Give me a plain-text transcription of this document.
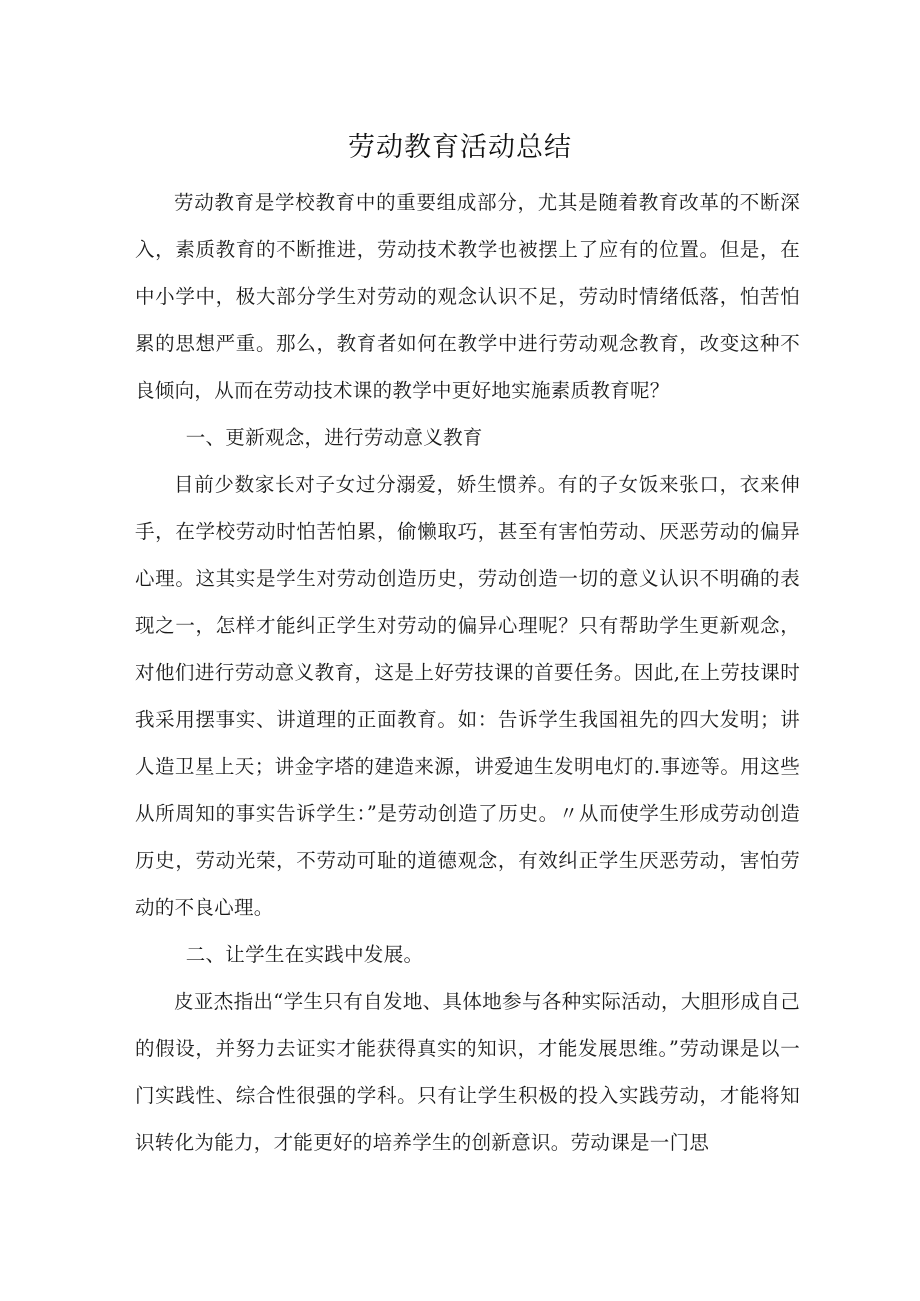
劳动教育活动总结

劳动教育是学校教育中的重要组成部分，尤其是随着教育改革的不断深入，素质教育的不断推进，劳动技术教学也被摆上了应有的位置。但是，在中小学中，极大部分学生对劳动的观念认识不足，劳动时情绪低落，怕苦怕累的思想严重。那么，教育者如何在教学中进行劳动观念教育，改变这种不良倾向，从而在劳动技术课的教学中更好地实施素质教育呢？

一、更新观念，进行劳动意义教育

目前少数家长对子女过分溺爱，娇生惯养。有的子女饭来张口，衣来伸手，在学校劳动时怕苦怕累，偷懒取巧，甚至有害怕劳动、厌恶劳动的偏异心理。这其实是学生对劳动创造历史，劳动创造一切的意义认识不明确的表现之一，怎样才能纠正学生对劳动的偏异心理呢？只有帮助学生更新观念，对他们进行劳动意义教育，这是上好劳技课的首要任务。因此,在上劳技课时我采用摆事实、讲道理的正面教育。如：告诉学生我国祖先的四大发明；讲人造卫星上天；讲金字塔的建造来源，讲爱迪生发明电灯的.事迹等。用这些从所周知的事实告诉学生：”是劳动创造了历史。〃从而使学生形成劳动创造历史，劳动光荣，不劳动可耻的道德观念，有效纠正学生厌恶劳动，害怕劳动的不良心理。

二、让学生在实践中发展。

皮亚杰指出“学生只有自发地、具体地参与各种实际活动，大胆形成自己的假设，并努力去证实才能获得真实的知识，才能发展思维。”劳动课是以一门实践性、综合性很强的学科。只有让学生积极的投入实践劳动，才能将知识转化为能力，才能更好的培养学生的创新意识。劳动课是一门思
